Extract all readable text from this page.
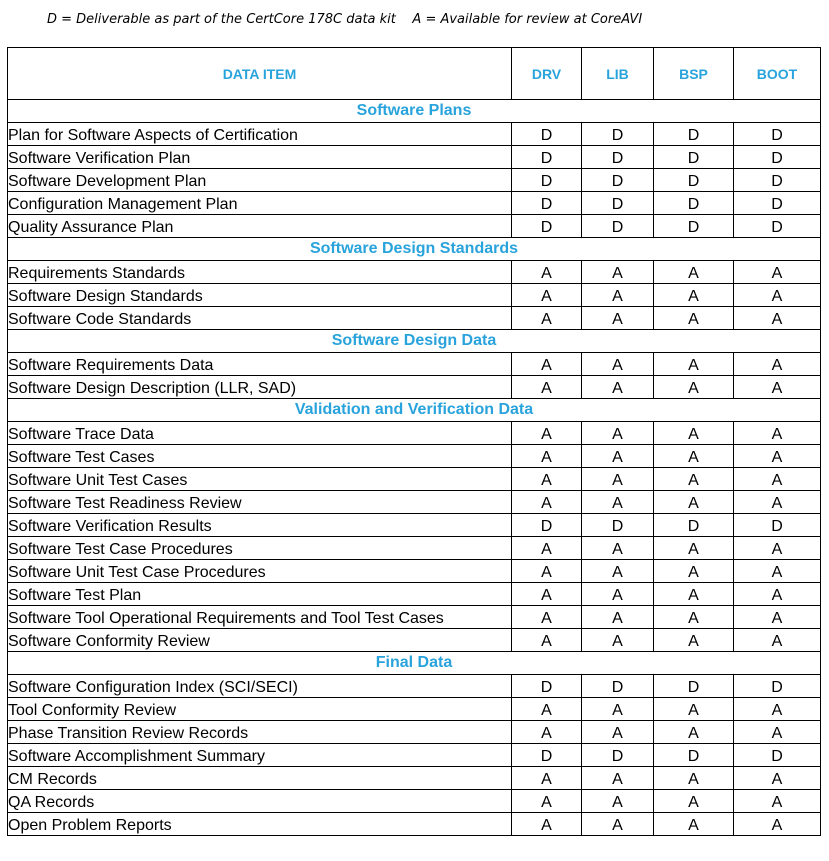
D = Deliverable as part of the CertCore 178C data kit    A = Available for review at CoreAVI
DATA ITEM	DRV	LIB	BSP	BOOT
Software Plans				
Plan for Software Aspects of Certification	D	D	D	D
Software Verification Plan	D	D	D	D
Software Development Plan	D	D	D	D
Configuration Management Plan	D	D	D	D
Quality Assurance Plan	D	D	D	D
Software Design Standards				
Requirements Standards	A	A	A	A
Software Design Standards	A	A	A	A
Software Code Standards	A	A	A	A
Software Design Data				
Software Requirements Data	A	A	A	A
Software Design Description (LLR, SAD)	A	A	A	A
Validation and Verification Data				
Software Trace Data	A	A	A	A
Software Test Cases	A	A	A	A
Software Unit Test Cases	A	A	A	A
Software Test Readiness Review	A	A	A	A
Software Verification Results	D	D	D	D
Software Test Case Procedures	A	A	A	A
Software Unit Test Case Procedures	A	A	A	A
Software Test Plan	A	A	A	A
Software Tool Operational Requirements and Tool Test Cases	A	A	A	A
Software Conformity Review	A	A	A	A
Final Data				
Software Configuration Index (SCI/SECI)	D	D	D	D
Tool Conformity Review	A	A	A	A
Phase Transition Review Records	A	A	A	A
Software Accomplishment Summary	D	D	D	D
CM Records	A	A	A	A
QA Records	A	A	A	A
Open Problem Reports	A	A	A	A
